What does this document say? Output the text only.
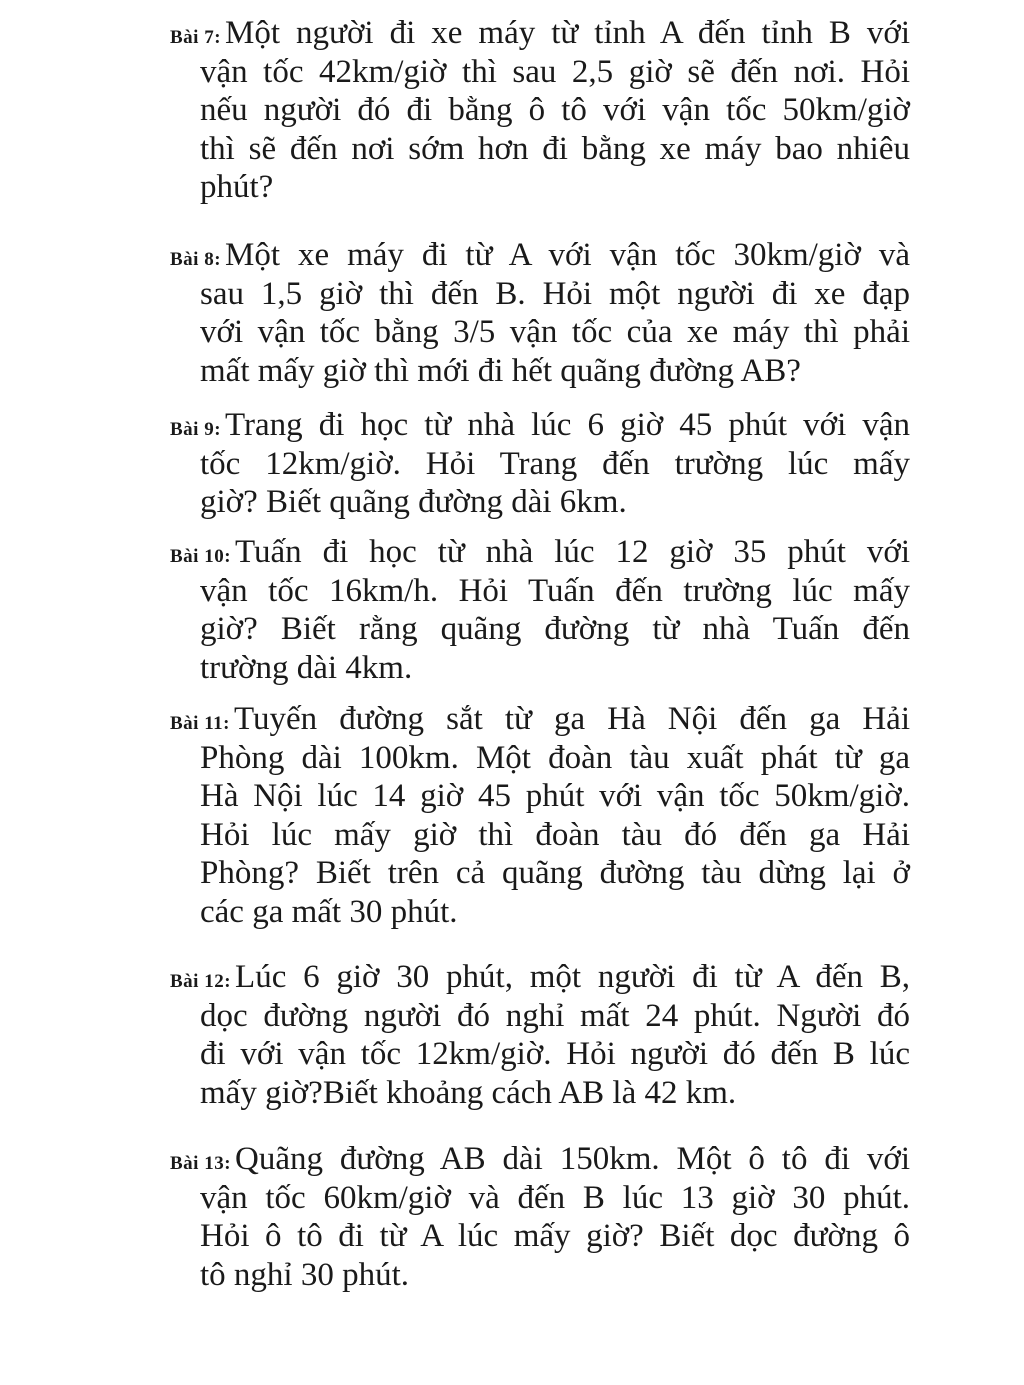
Bài 7: Một người đi xe máy từ tỉnh A đến tỉnh B với
vận tốc 42km/giờ thì sau 2,5 giờ sẽ đến nơi. Hỏi
nếu người đó đi bằng ô tô với vận tốc 50km/giờ
thì sẽ đến nơi sớm hơn đi bằng xe máy bao nhiêu
phút?
Bài 8: Một xe máy đi từ A với vận tốc 30km/giờ và
sau 1,5 giờ thì đến B. Hỏi một người đi xe đạp
với vận tốc bằng 3/5 vận tốc của xe máy thì phải
mất mấy giờ thì mới đi hết quãng đường AB?
Bài 9: Trang đi học từ nhà lúc 6 giờ 45 phút với vận
tốc 12km/giờ. Hỏi Trang đến trường lúc mấy
giờ? Biết quãng đường dài 6km.
Bài 10: Tuấn đi học từ nhà lúc 12 giờ 35 phút với
vận tốc 16km/h. Hỏi Tuấn đến trường lúc mấy
giờ? Biết rằng quãng đường từ nhà Tuấn đến
trường dài 4km.
Bài 11: Tuyến đường sắt từ ga Hà Nội đến ga Hải
Phòng dài 100km. Một đoàn tàu xuất phát từ ga
Hà Nội lúc 14 giờ 45 phút với vận tốc 50km/giờ.
Hỏi lúc mấy giờ thì đoàn tàu đó đến ga Hải
Phòng? Biết trên cả quãng đường tàu dừng lại ở
các ga mất 30 phút.
Bài 12: Lúc 6 giờ 30 phút, một người đi từ A đến B,
dọc đường người đó nghỉ mất 24 phút. Người đó
đi với vận tốc 12km/giờ. Hỏi người đó đến B lúc
mấy giờ?Biết khoảng cách AB là 42 km.
Bài 13: Quãng đường AB dài 150km. Một ô tô đi với
vận tốc 60km/giờ và đến B lúc 13 giờ 30 phút.
Hỏi ô tô đi từ A lúc mấy giờ? Biết dọc đường ô
tô nghỉ 30 phút.
